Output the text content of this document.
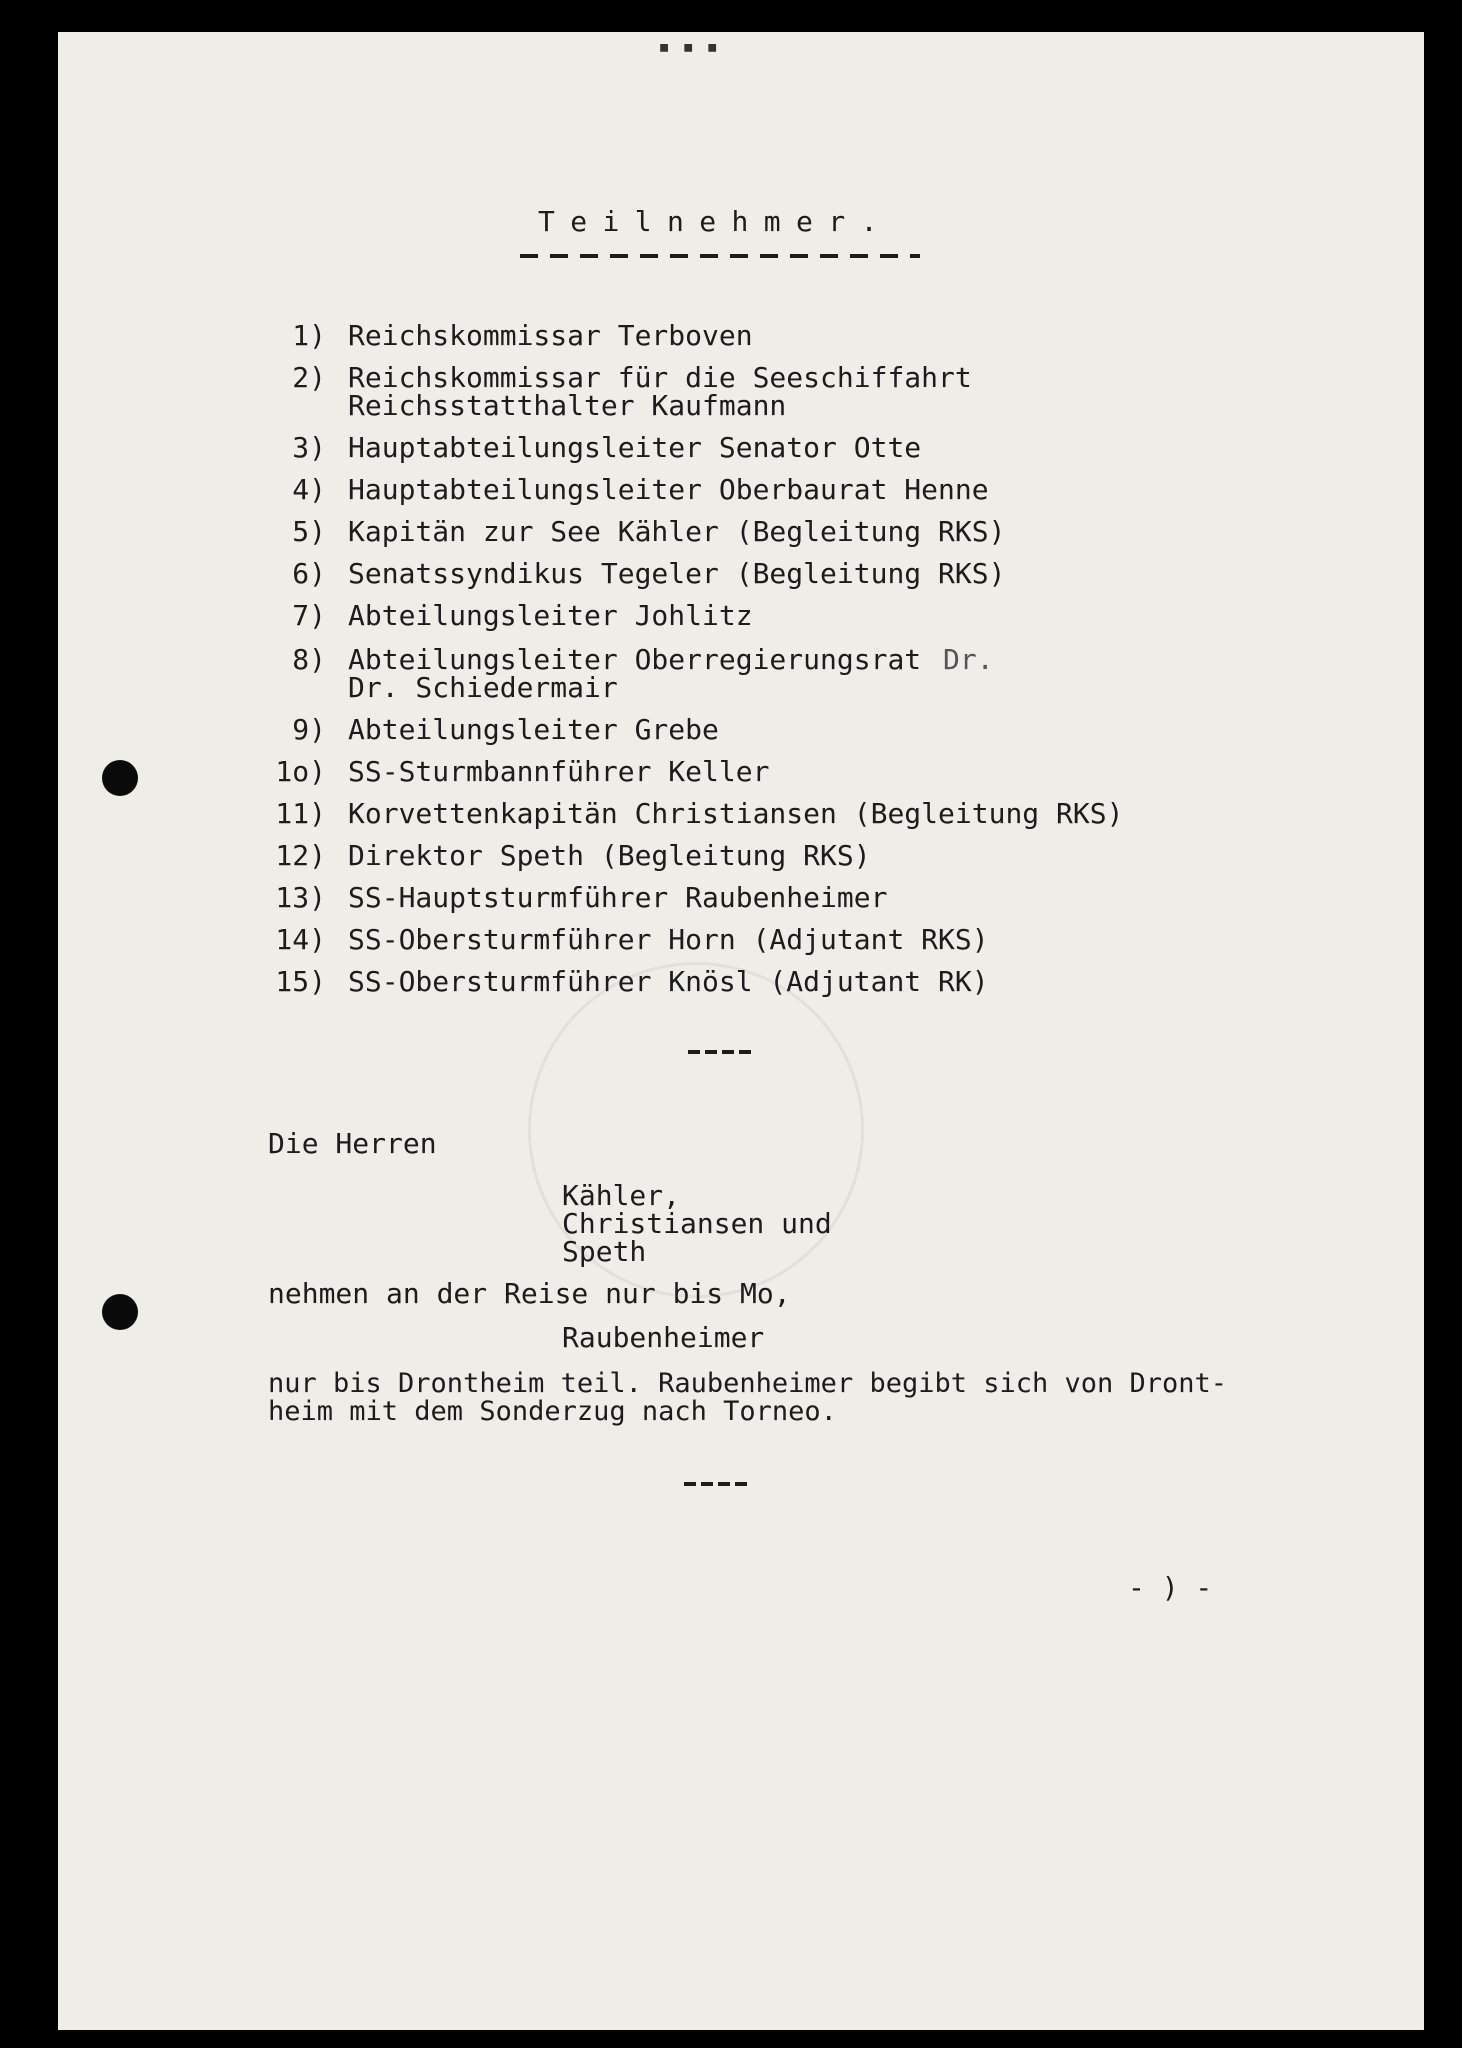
▪ ▪ ▪
Teilnehmer.
1) Reichskommissar Terboven
2) Reichskommissar für die Seeschiffahrt
Reichsstatthalter Kaufmann
3) Hauptabteilungsleiter Senator Otte
4) Hauptabteilungsleiter Oberbaurat Henne
5) Kapitän zur See Kähler (Begleitung RKS)
6) Senatssyndikus Tegeler (Begleitung RKS)
7) Abteilungsleiter Johlitz
8) Abteilungsleiter Oberregierungsrat Dr.
Dr. Schiedermair
9) Abteilungsleiter Grebe
1o) SS-Sturmbannführer Keller
11) Korvettenkapitän Christiansen (Begleitung RKS)
12) Direktor Speth (Begleitung RKS)
13) SS-Hauptsturmführer Raubenheimer
14) SS-Obersturmführer Horn (Adjutant RKS)
15) SS-Obersturmführer Knösl (Adjutant RK)
Die Herren
Kähler,
Christiansen und
Speth
nehmen an der Reise nur bis Mo,
Raubenheimer
nur bis Drontheim teil. Raubenheimer begibt sich von Dront-
heim mit dem Sonderzug nach Torneo.
- ) -
